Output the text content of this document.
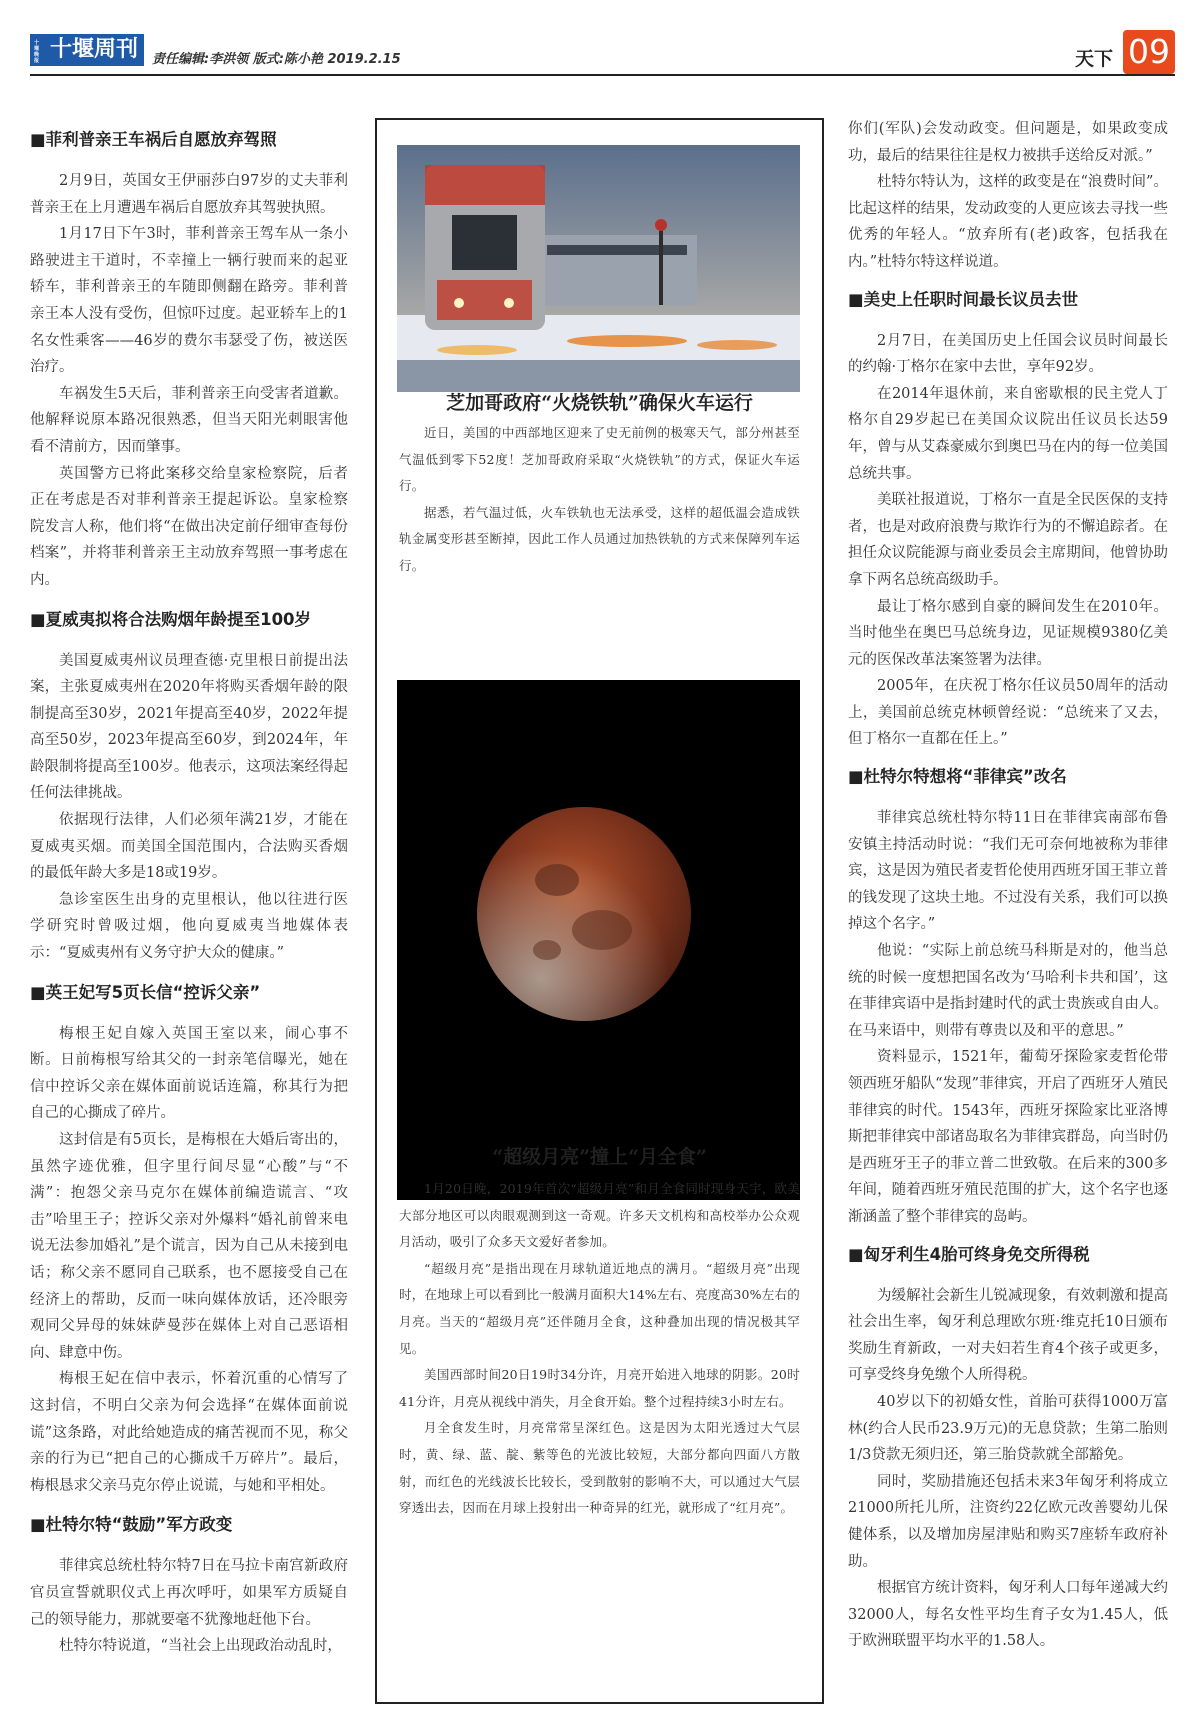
十堰晚报 十堰周刊	责任编辑:李洪领 版式:陈小艳 2019.2.15	天下 09
■菲利普亲王车祸后自愿放弃驾照

2月9日，英国女王伊丽莎白97岁的丈夫菲利普亲王在上月遭遇车祸后自愿放弃其驾驶执照。

1月17日下午3时，菲利普亲王驾车从一条小路驶进主干道时，不幸撞上一辆行驶而来的起亚轿车，菲利普亲王的车随即侧翻在路旁。菲利普亲王本人没有受伤，但惊吓过度。起亚轿车上的1名女性乘客——46岁的费尔韦瑟受了伤，被送医治疗。

车祸发生5天后，菲利普亲王向受害者道歉。他解释说原本路况很熟悉，但当天阳光刺眼害他看不清前方，因而肇事。

英国警方已将此案移交给皇家检察院，后者正在考虑是否对菲利普亲王提起诉讼。皇家检察院发言人称，他们将“在做出决定前仔细审查每份档案”，并将菲利普亲王主动放弃驾照一事考虑在内。

■夏威夷拟将合法购烟年龄提至100岁

美国夏威夷州议员理查德·克里根日前提出法案，主张夏威夷州在2020年将购买香烟年龄的限制提高至30岁，2021年提高至40岁，2022年提高至50岁，2023年提高至60岁，到2024年，年龄限制将提高至100岁。他表示，这项法案经得起任何法律挑战。

依据现行法律，人们必须年满21岁，才能在夏威夷买烟。而美国全国范围内，合法购买香烟的最低年龄大多是18或19岁。

急诊室医生出身的克里根认，他以往进行医学研究时曾吸过烟，他向夏威夷当地媒体表示：“夏威夷州有义务守护大众的健康。”

■英王妃写5页长信“控诉父亲”

梅根王妃自嫁入英国王室以来，闹心事不断。日前梅根写给其父的一封亲笔信曝光，她在信中控诉父亲在媒体面前说话连篇，称其行为把自己的心撕成了碎片。

这封信是有5页长，是梅根在大婚后寄出的，虽然字迹优雅，但字里行间尽显“心酸”与“不满”：抱怨父亲马克尔在媒体前编造谎言、“攻击”哈里王子；控诉父亲对外爆料“婚礼前曾来电说无法参加婚礼”是个谎言，因为自己从未接到电话；称父亲不愿同自己联系，也不愿接受自己在经济上的帮助，反而一味向媒体放话，还冷眼旁观同父异母的妹妹萨曼莎在媒体上对自己恶语相向、肆意中伤。

梅根王妃在信中表示，怀着沉重的心情写了这封信，不明白父亲为何会选择“在媒体面前说谎”这条路，对此给她造成的痛苦视而不见，称父亲的行为已“把自己的心撕成千万碎片”。最后，梅根恳求父亲马克尔停止说谎，与她和平相处。

■杜特尔特“鼓励”军方政变

菲律宾总统杜特尔特7日在马拉卡南宫新政府官员宣誓就职仪式上再次呼吁，如果军方质疑自己的领导能力，那就要毫不犹豫地赶他下台。

杜特尔特说道，“当社会上出现政治动乱时，

芝加哥政府“火烧铁轨”确保火车运行

近日，美国的中西部地区迎来了史无前例的极寒天气，部分州甚至气温低到零下52度！芝加哥政府采取“火烧铁轨”的方式，保证火车运行。

据悉，若气温过低，火车铁轨也无法承受，这样的超低温会造成铁轨金属变形甚至断掉，因此工作人员通过加热铁轨的方式来保障列车运行。

“超级月亮”撞上“月全食”

1月20日晚，2019年首次“超级月亮”和月全食同时现身天宇，欧美大部分地区可以肉眼观测到这一奇观。许多天文机构和高校举办公众观月活动，吸引了众多天文爱好者参加。

“超级月亮”是指出现在月球轨道近地点的满月。“超级月亮”出现时，在地球上可以看到比一般满月面积大14%左右、亮度高30%左右的月亮。当天的“超级月亮”还伴随月全食，这种叠加出现的情况极其罕见。

美国西部时间20日19时34分许，月亮开始进入地球的阴影。20时41分许，月亮从视线中消失，月全食开始。整个过程持续3小时左右。

月全食发生时，月亮常常呈深红色。这是因为太阳光透过大气层时，黄、绿、蓝、靛、紫等色的光波比较短，大部分都向四面八方散射，而红色的光线波长比较长，受到散射的影响不大，可以通过大气层穿透出去，因而在月球上投射出一种奇异的红光，就形成了“红月亮”。

你们(军队)会发动政变。但问题是，如果政变成功，最后的结果往往是权力被拱手送给反对派。”

杜特尔特认为，这样的政变是在“浪费时间”。比起这样的结果，发动政变的人更应该去寻找一些优秀的年轻人。“放弃所有(老)政客，包括我在内。”杜特尔特这样说道。

■美史上任职时间最长议员去世

2月7日，在美国历史上任国会议员时间最长的约翰·丁格尔在家中去世，享年92岁。

在2014年退休前，来自密歇根的民主党人丁格尔自29岁起已在美国众议院出任议员长达59年，曾与从艾森豪威尔到奥巴马在内的每一位美国总统共事。

美联社报道说，丁格尔一直是全民医保的支持者，也是对政府浪费与欺诈行为的不懈追踪者。在担任众议院能源与商业委员会主席期间，他曾协助拿下两名总统高级助手。

最让丁格尔感到自豪的瞬间发生在2010年。当时他坐在奥巴马总统身边，见证规模9380亿美元的医保改革法案签署为法律。

2005年，在庆祝丁格尔任议员50周年的活动上，美国前总统克林顿曾经说：“总统来了又去，但丁格尔一直都在任上。”

■杜特尔特想将“菲律宾”改名

菲律宾总统杜特尔特11日在菲律宾南部布鲁安镇主持活动时说：“我们无可奈何地被称为菲律宾，这是因为殖民者麦哲伦使用西班牙国王菲立普的钱发现了这块土地。不过没有关系，我们可以换掉这个名字。”

他说：“实际上前总统马科斯是对的，他当总统的时候一度想把国名改为‘马哈利卡共和国’，这在菲律宾语中是指封建时代的武士贵族或自由人。在马来语中，则带有尊贵以及和平的意思。”

资料显示，1521年，葡萄牙探险家麦哲伦带领西班牙船队“发现”菲律宾，开启了西班牙人殖民菲律宾的时代。1543年，西班牙探险家比亚洛博斯把菲律宾中部诸岛取名为菲律宾群岛，向当时仍是西班牙王子的菲立普二世致敬。在后来的300多年间，随着西班牙殖民范围的扩大，这个名字也逐渐涵盖了整个菲律宾的岛屿。

■匈牙利生4胎可终身免交所得税

为缓解社会新生儿锐减现象，有效刺激和提高社会出生率，匈牙利总理欧尔班·维克托10日颁布奖励生育新政，一对夫妇若生育4个孩子或更多，可享受终身免缴个人所得税。

40岁以下的初婚女性，首胎可获得1000万富林(约合人民币23.9万元)的无息贷款；生第二胎则1/3贷款无须归还，第三胎贷款就全部豁免。

同时，奖励措施还包括未来3年匈牙利将成立21000所托儿所，注资约22亿欧元改善婴幼儿保健体系，以及增加房屋津贴和购买7座轿车政府补助。

根据官方统计资料，匈牙利人口每年递减大约32000人，每名女性平均生育子女为1.45人，低于欧洲联盟平均水平的1.58人。
